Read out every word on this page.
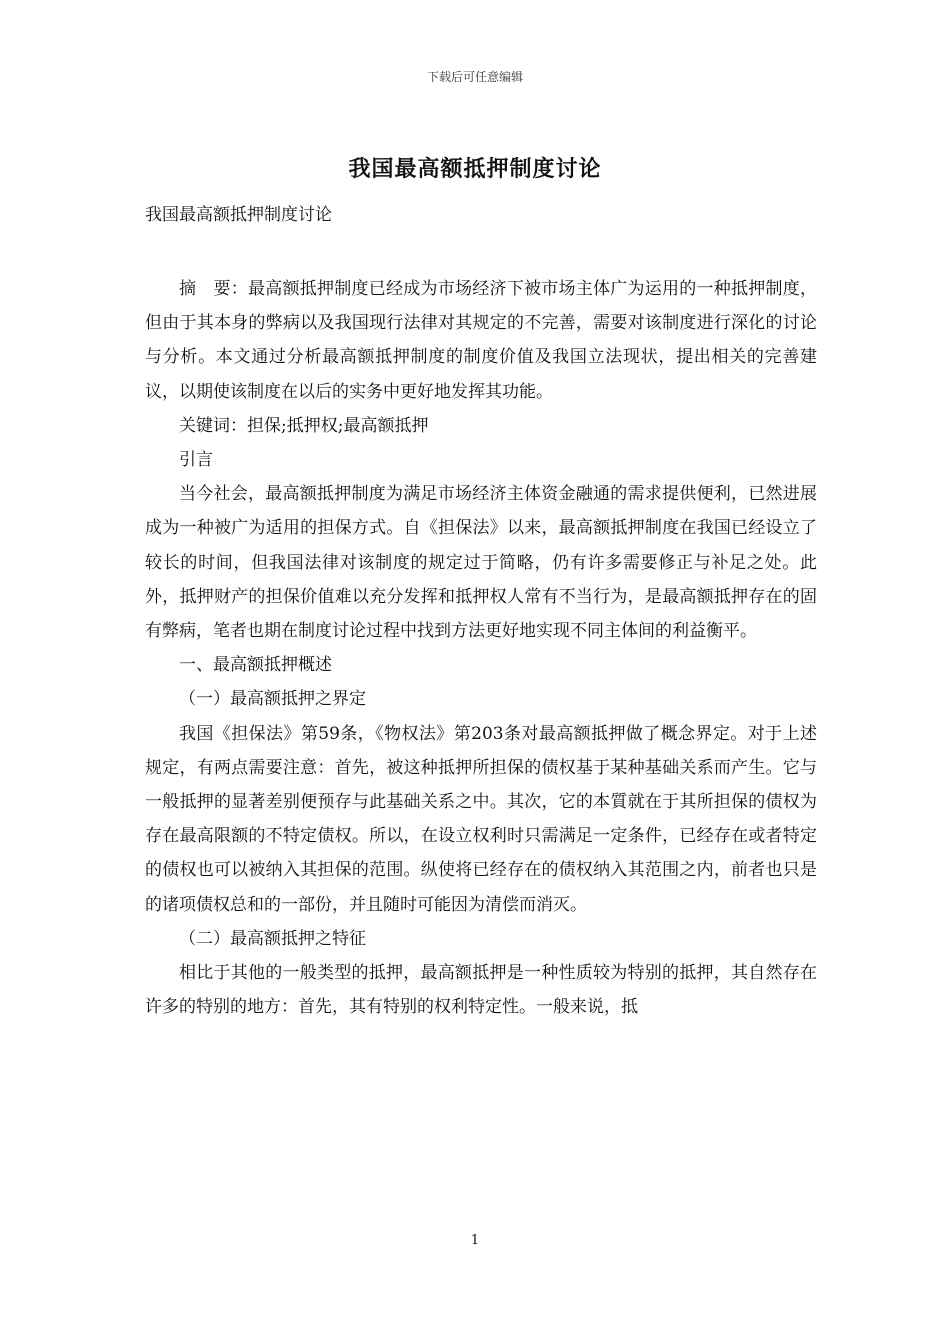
下载后可任意编辑
我国最高额抵押制度讨论
我国最高额抵押制度讨论

摘　要：最高额抵押制度已经成为市场经济下被市场主体广为运用的一种抵押制度，但由于其本身的弊病以及我国现行法律对其规定的不完善，需要对该制度进行深化的讨论与分析。本文通过分析最高额抵押制度的制度价值及我国立法现状，提出相关的完善建议，以期使该制度在以后的实务中更好地发挥其功能。

关键词：担保;抵押权;最高额抵押

引言

当今社会，最高额抵押制度为满足市场经济主体资金融通的需求提供便利，已然进展成为一种被广为适用的担保方式。自《担保法》以来，最高额抵押制度在我国已经设立了较长的时间，但我国法律对该制度的规定过于简略，仍有许多需要修正与补足之处。此外，抵押财产的担保价值难以充分发挥和抵押权人常有不当行为，是最高额抵押存在的固有弊病，笔者也期在制度讨论过程中找到方法更好地实现不同主体间的利益衡平。

一、最高额抵押概述

（一）最高额抵押之界定

我国《担保法》第59条，《物权法》第203条对最高额抵押做了概念界定。对于上述规定，有两点需要注意：首先，被这种抵押所担保的债权基于某种基础关系而产生。它与一般抵押的显著差别便预存与此基础关系之中。其次，它的本質就在于其所担保的债权为存在最高限额的不特定债权。所以，在设立权利时只需满足一定条件，已经存在或者特定的债权也可以被纳入其担保的范围。纵使将已经存在的债权纳入其范围之内，前者也只是的诸项债权总和的一部份，并且随时可能因为清偿而消灭。

（二）最高额抵押之特征

相比于其他的一般类型的抵押，最高额抵押是一种性质较为特别的抵押，其自然存在许多的特别的地方：首先，其有特别的权利特定性。一般来说，抵

1
